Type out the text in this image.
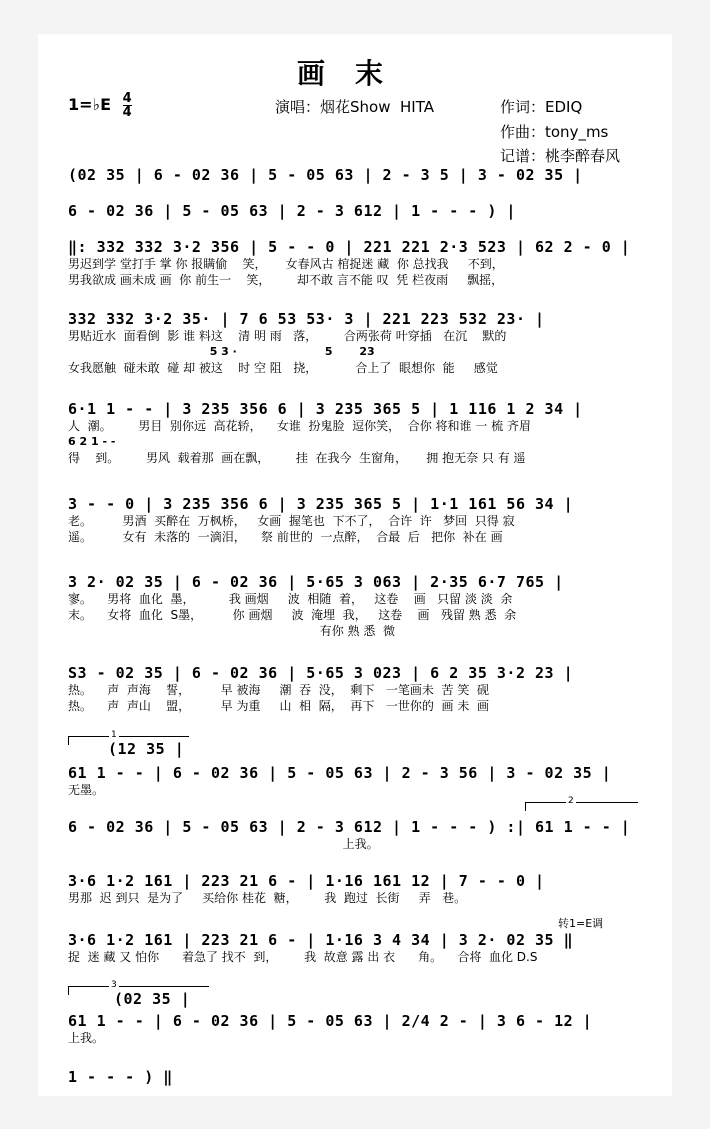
画末
1=♭E $\frac{4}{4}$	演唱：烟花Show  HITA	作词：EDIQ
作曲：tony_ms
记谱：桃李醉春风
(02 35 | 6 - 02 36 | 5 - 05 63 | 2 - 3 5 | 3 - 02 35 |
6 - 02 36 | 5 - 05 63 | 2 - 3 612 | 1 - - - ) |
‖: 332 332 3·2 356 | 5 - - 0 | 221 221 2·3 523 | 62 2 - 0 |
男迟到学 堂打手 掌 你 报瞒偷    笑，     女春风古 棺捉迷 藏  你 总找我     不到，
男我欲成 画未成 画  你 前生一    笑，       却不敢 言不能 叹  凭 栏夜雨     飘摇，
332 332 3·2 35· | 7 6 53 53· 3 | 221 223 532 23· |
男贴近水  面看倒  影 谁 料这    清 明 雨   落，       合两张荷 叶穿插   在沉    默的
5 3 ·                       5       23
女我愿触  碰未敢  碰 却 被这    时 空 阻   挠，          合上了  眼想你  能     感觉
6·1 1 - - | 3 235 356 6 | 3 235 365 5 | 1 116 1 2 34 |
人  潮。       男目  别你远  高花轿，    女谁  扮鬼脸  逗你笑，  合你 将和谁 一 梳 齐眉
6 2 1 - -
得    到。       男风  载着那  画在飘，       挂  在我今  生窗角，     拥 抱无奈 只 有 遥
3 - - 0 | 3 235 356 6 | 3 235 365 5 | 1·1 161 56 34 |
老。        男酒  买醉在  万枫桥，   女画  握笔也  下不了，  合许  许   梦回  只得 寂
遥。        女有  未落的  一滴泪，    祭 前世的  一点醉，  合最  后   把你  补在 画
3 2· 02 35 | 6 - 02 36 | 5·65 3 063 | 2·35 6·7 765 |
寥。    男将  血化  墨，         我 画烟     波  相随  着，   这卷    画   只留 淡 淡  余
末。    女将  血化  S墨，        你 画烟     波  淹埋  我，   这卷    画   残留 熟 悉  余
有你 熟 悉  微
S3 - 02 35 | 6 - 02 36 | 5·65 3 023 | 6 2 35 3·2 23 |
热。    声  声海    誓，        早 被海     潮  吞  没，  剩下   一笔画未  苦 笑  砚
热。    声  声山    盟，        早 为重     山  相  隔，  再下   一世你的  画 未  画
1
(12 35 |
61 1 - - | 6 - 02 36 | 5 - 05 63 | 2 - 3 56 | 3 - 02 35 |
无墨。
2
6 - 02 36 | 5 - 05 63 | 2 - 3 612 | 1 - - - ) :| 61 1 - - |
上我。
3·6 1·2 161 | 223 21 6 - | 1·16 161 12 | 7 - - 0 |
男那  迟 到只  是为了     买给你 桂花  糖，       我  跑过  长街     弄   巷。
转1=E调
3·6 1·2 161 | 223 21 6 - | 1·16 3 4 34 | 3 2· 02 35 ‖
捉  迷 藏 又 怕你      着急了 找不  到，       我  故意 露 出 衣      角。    合将  血化 D.S
3
(02 35 |
61 1 - - | 6 - 02 36 | 5 - 05 63 | 2/4 2 - | 3 6 - 12 |
上我。
1 - - - ) ‖
